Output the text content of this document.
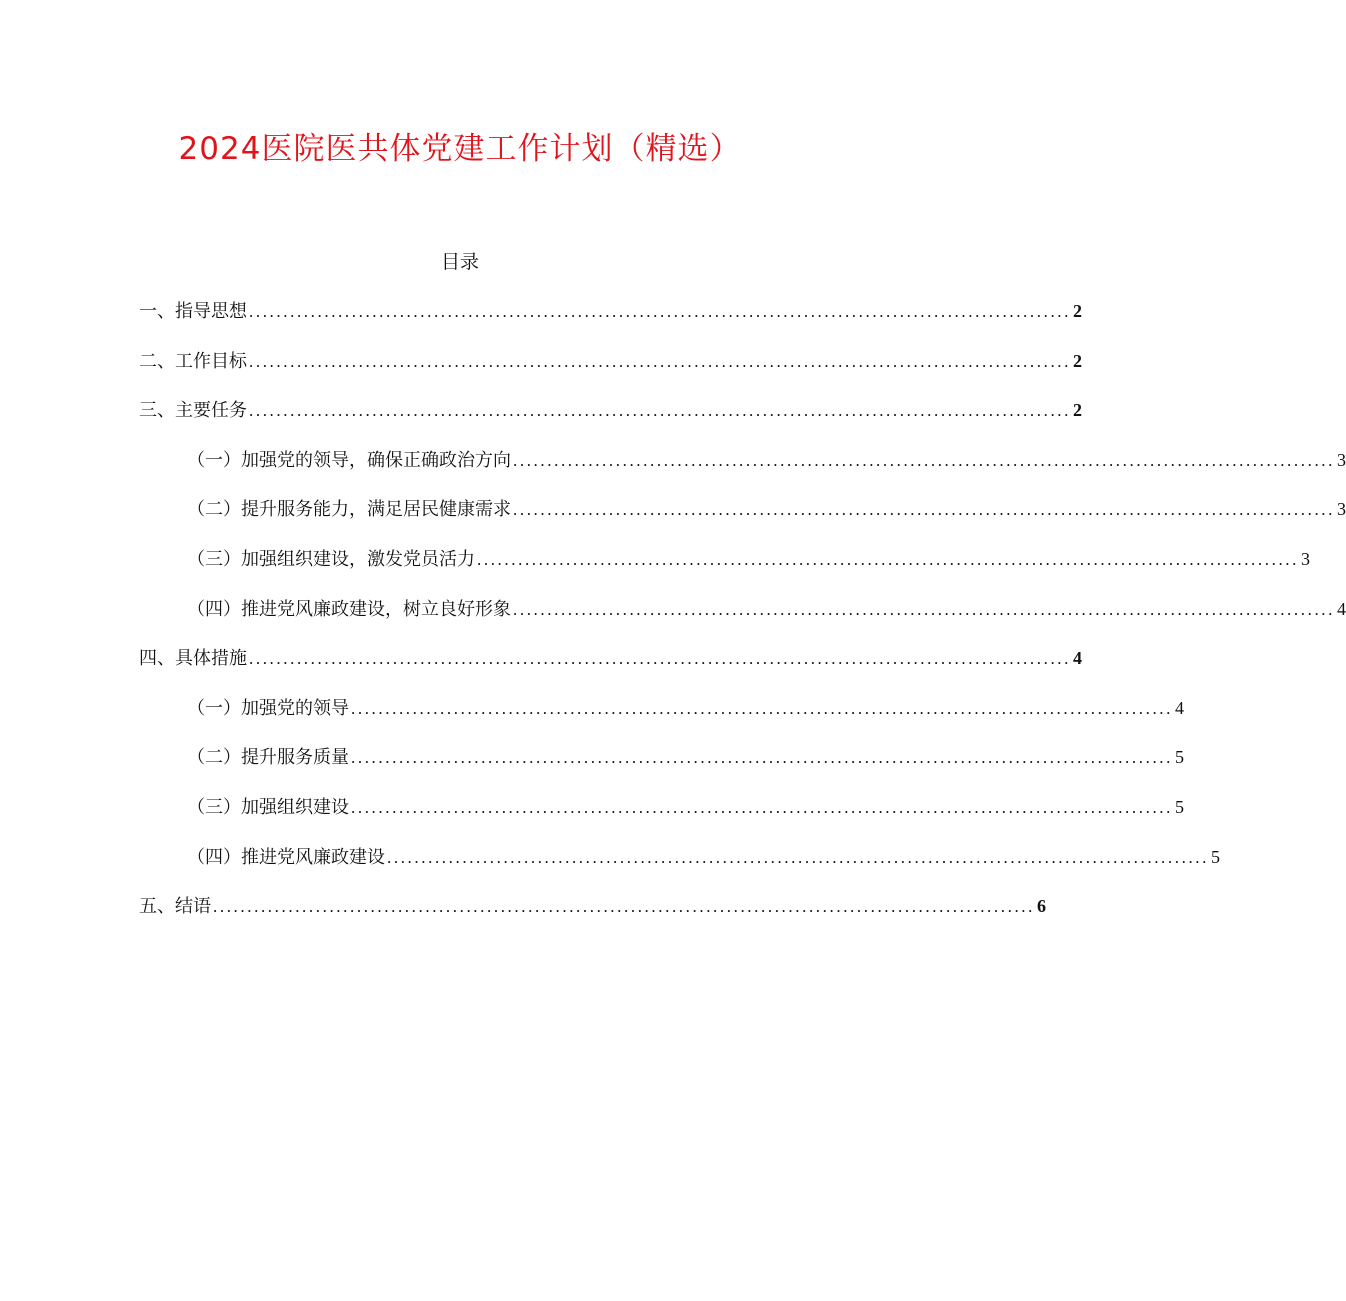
2024医院医共体党建工作计划（精选）
目录
一、指导思想 ........................................................................................................................ 2
二、工作目标 ........................................................................................................................ 2
三、主要任务 ........................................................................................................................ 2
（一）加强党的领导，确保正确政治方向 ........................................................................................................................ 3
（二）提升服务能力，满足居民健康需求 ........................................................................................................................ 3
（三）加强组织建设，激发党员活力 ........................................................................................................................ 3
（四）推进党风廉政建设，树立良好形象 ........................................................................................................................ 4
四、具体措施 ........................................................................................................................ 4
（一）加强党的领导 ........................................................................................................................ 4
（二）提升服务质量 ........................................................................................................................ 5
（三）加强组织建设 ........................................................................................................................ 5
（四）推进党风廉政建设 ........................................................................................................................ 5
五、结语 ........................................................................................................................ 6
